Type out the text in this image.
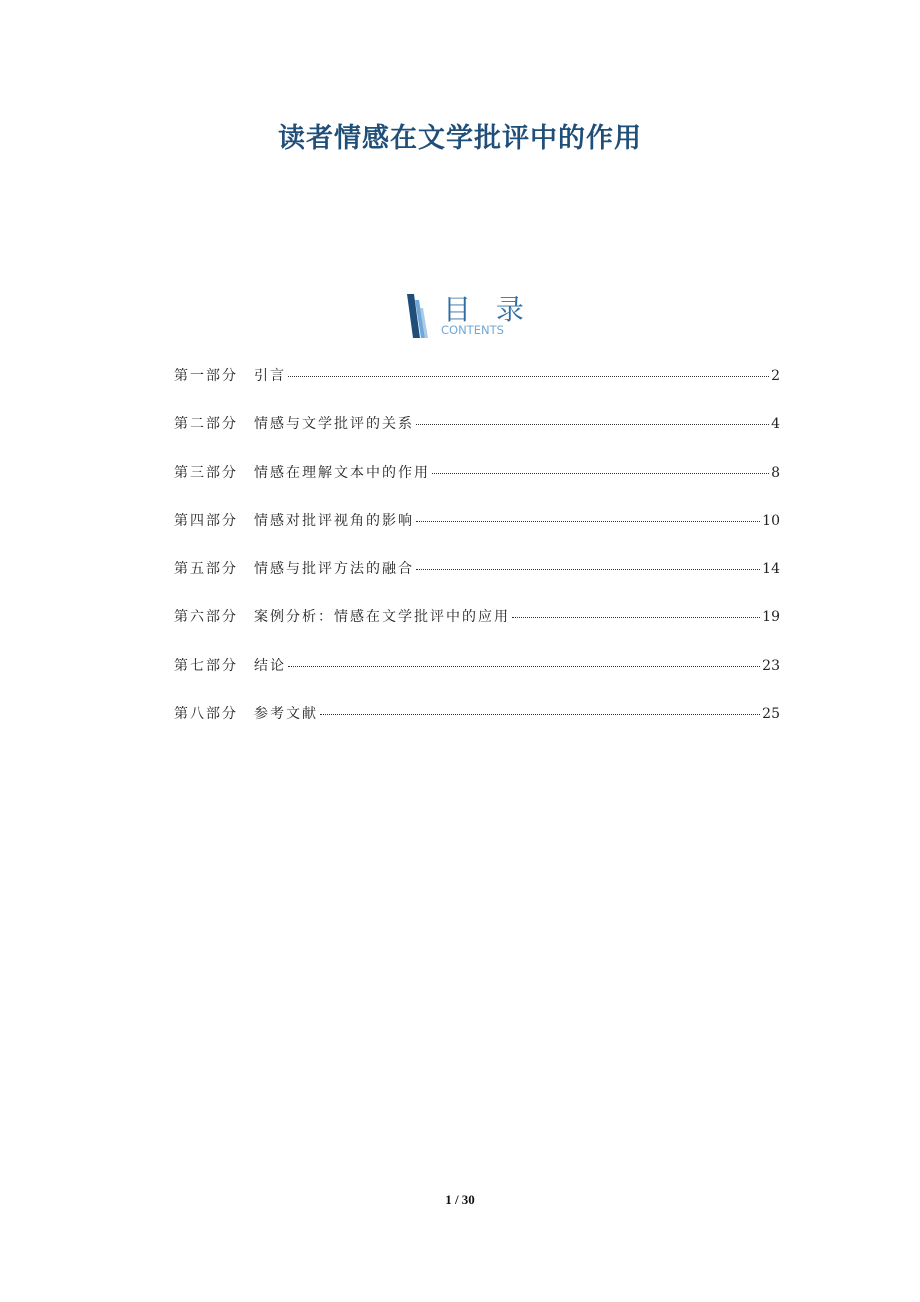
读者情感在文学批评中的作用
目 录
CONTENTS
第一部分	引言	2
第二部分	情感与文学批评的关系	4
第三部分	情感在理解文本中的作用	8
第四部分	情感对批评视角的影响	10
第五部分	情感与批评方法的融合	14
第六部分	案例分析：情感在文学批评中的应用	19
第七部分	结论	23
第八部分	参考文献	25
1 / 30
